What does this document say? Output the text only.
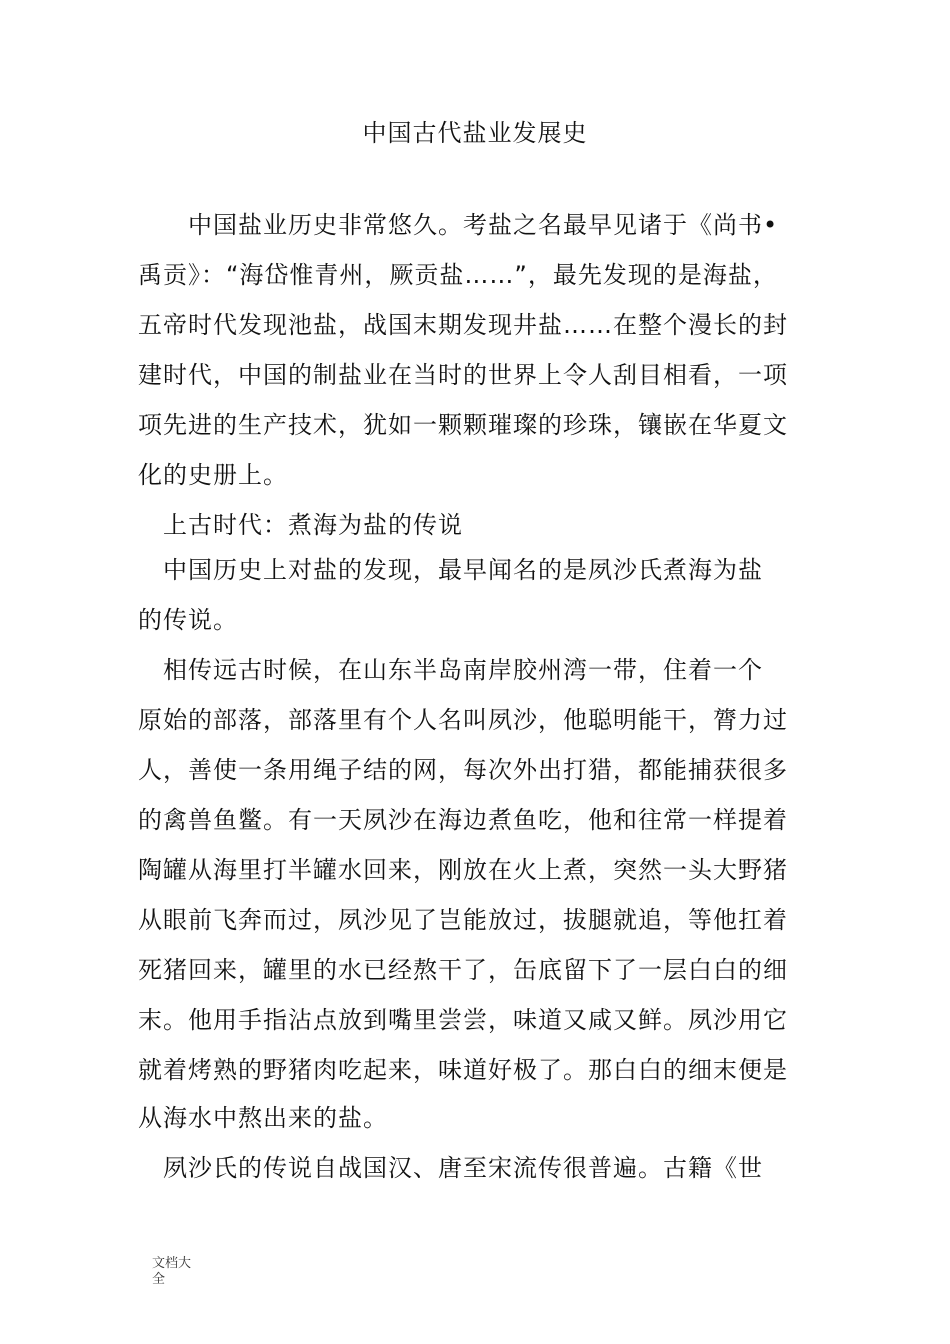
中国古代盐业发展史
　　中国盐业历史非常悠久。考盐之名最早见诸于《尚书•
禹贡》：“海岱惟青州，厥贡盐……”，最先发现的是海盐，
五帝时代发现池盐，战国末期发现井盐……在整个漫长的封
建时代，中国的制盐业在当时的世界上令人刮目相看，一项
项先进的生产技术，犹如一颗颗璀璨的珍珠，镶嵌在华夏文
化的史册上。
　上古时代：煮海为盐的传说
　中国历史上对盐的发现，最早闻名的是夙沙氏煮海为盐
的传说。
　相传远古时候，在山东半岛南岸胶州湾一带，住着一个
原始的部落，部落里有个人名叫夙沙，他聪明能干，膂力过
人，善使一条用绳子结的网，每次外出打猎，都能捕获很多
的禽兽鱼鳖。有一天夙沙在海边煮鱼吃，他和往常一样提着
陶罐从海里打半罐水回来，刚放在火上煮，突然一头大野猪
从眼前飞奔而过，夙沙见了岂能放过，拔腿就追，等他扛着
死猪回来，罐里的水已经熬干了，缶底留下了一层白白的细
末。他用手指沾点放到嘴里尝尝，味道又咸又鲜。夙沙用它
就着烤熟的野猪肉吃起来，味道好极了。那白白的细末便是
从海水中熬出来的盐。
　夙沙氏的传说自战国汉、唐至宋流传很普遍。古籍《世
文档大全
